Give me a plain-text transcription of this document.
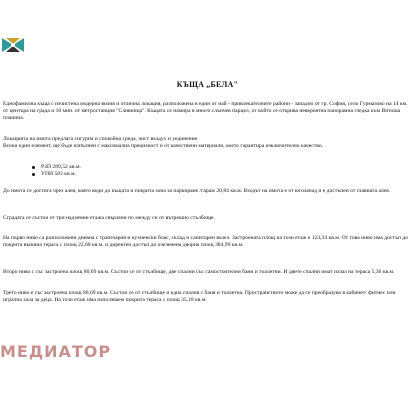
КЪЩА „БЕЛА"

Еднофамилна къща с изчистена модерна визия и отлична локация, разположена в един от най - привлекателните райони - западно от гр. София, село Гурмазово на 14 км. от центъра на града и 10 мин. от метростанция "Сливница". Къщата се намира в много слънчев парцел, от който се открива невероятна панорамна гледка към Витоша планина.

Локацията на имота предлага сигурна и спокойна среда, чист въздух и уединение.

Всеки един елемент, ще бъде изпълнен с максимална прецизност и от качествени материали, което гарантира изключително качество.

РЗП 289,52 кв.м.
УПИ 583 кв.м.

До имота се достига чрез алея, която води до къщата и покрита зона за паркиране /гараж 20,84 кв.м. Входът на имота е от югозапад и е достъпен от главната алея.

Сградата се състои от три надземни етажа свързани по между си от вътрешно стълбище.

На първо ниво са разположени дневна с трапезария и кухненски бокс, склад и санитарен възел. Застроената площ на този етаж е 123,34 кв.м. От това ниво има достъп до покрита външна тераса с площ 22,68 кв.м. и директен достъп до озеленена дворна площ 384,99 кв.м.

Второ ниво с със застроена площ 80,69 кв.м. Състои се от стълбище, две спални със самостоятелни бани и тоалетни. И двете спални имат излаз на тераса 5,36 кв.м.

Трето ниво е със застроена площ 80,69 кв.м. Състои се от стълбище и една спалня с баня и тоалетна. Пространството може да се преобразува в кабинет/ фитнес или игрална зала за деца. На този етаж има използваем покрита тераса с площ 35,18 кв.м.

МЕДИАТОР
